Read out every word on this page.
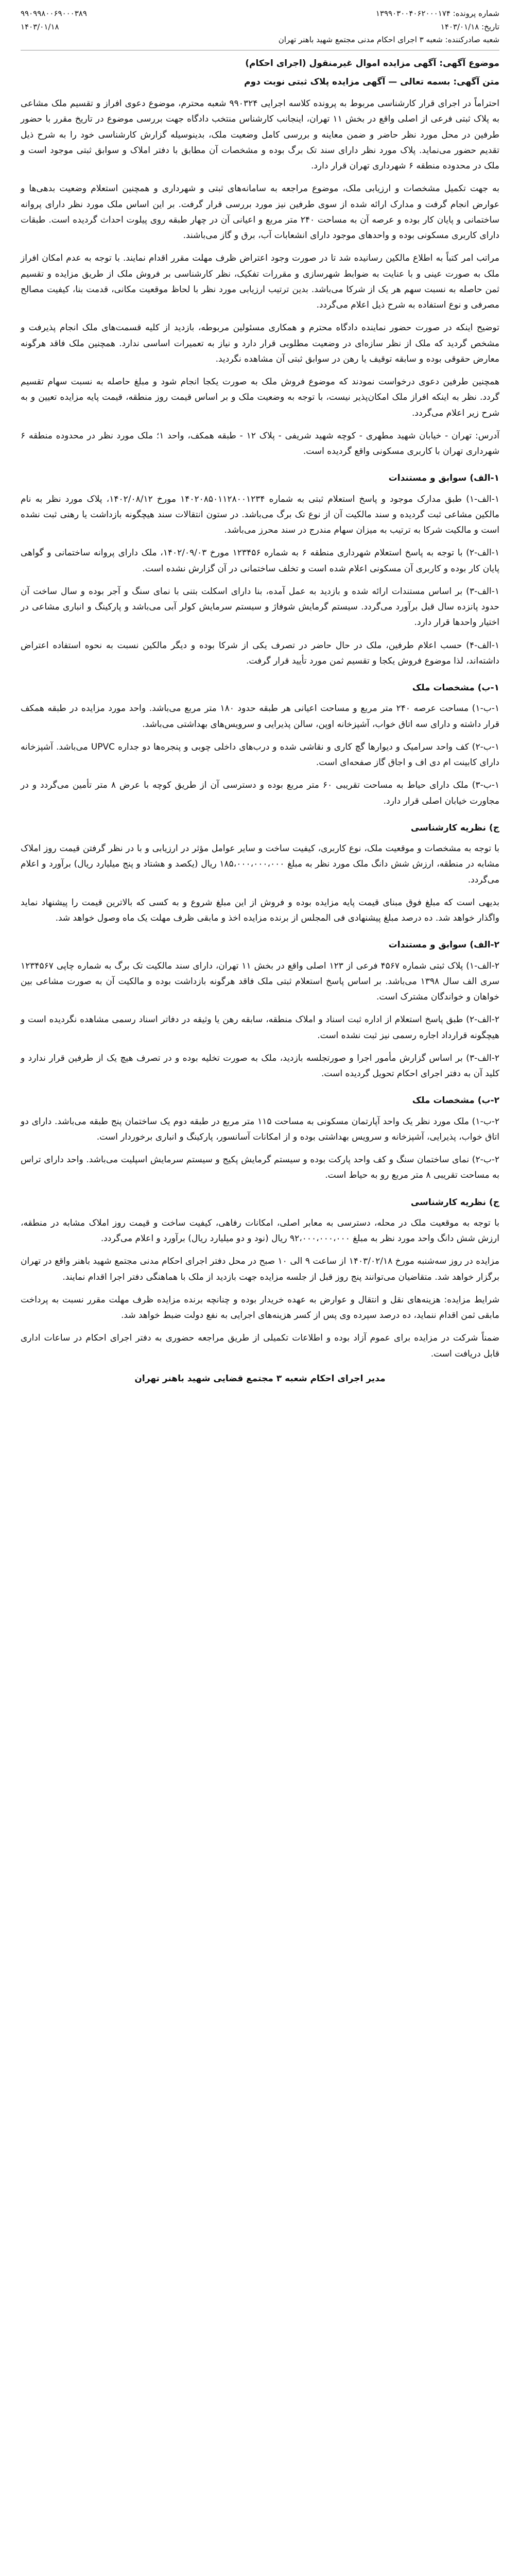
شماره پرونده: ۱۳۹۹۰۳۰۰۴۰۶۲۰۰۰۱۷۴
تاریخ: ۱۴۰۳/۰۱/۱۸
شعبه صادرکننده: شعبه ۳ اجرای احکام مدنی مجتمع شهید باهنر تهران
۹۹۰۹۹۸۰۰۶۹۰۰۰۳۸۹
۱۴۰۳/۰۱/۱۸
موضوع آگهی: آگهی مزایده اموال غیرمنقول (اجرای احکام)
متن آگهی: بسمه تعالی — آگهی مزایده پلاک ثبتی نوبت دوم

احتراماً در اجرای قرار کارشناسی مربوط به پرونده کلاسه اجرایی ۹۹۰۳۲۴ شعبه محترم، موضوع دعوی افراز و تقسیم ملک مشاعی به پلاک ثبتی فرعی از اصلی واقع در بخش ۱۱ تهران، اینجانب کارشناس منتخب دادگاه جهت بررسی موضوع در تاریخ مقرر با حضور طرفین در محل مورد نظر حاضر و ضمن معاینه و بررسی کامل وضعیت ملک، بدینوسیله گزارش کارشناسی خود را به شرح ذیل تقدیم حضور می‌نماید. پلاک مورد نظر دارای سند تک برگ بوده و مشخصات آن مطابق با دفتر املاک و سوابق ثبتی موجود است و ملک در محدوده منطقه ۶ شهرداری تهران قرار دارد.

به جهت تکمیل مشخصات و ارزیابی ملک، موضوع مراجعه به سامانه‌های ثبتی و شهرداری و همچنین استعلام وضعیت بدهی‌ها و عوارض انجام گرفت و مدارک ارائه شده از سوی طرفین نیز مورد بررسی قرار گرفت. بر این اساس ملک مورد نظر دارای پروانه ساختمانی و پایان کار بوده و عرصه آن به مساحت ۲۴۰ متر مربع و اعیانی آن در چهار طبقه روی پیلوت احداث گردیده است. طبقات دارای کاربری مسکونی بوده و واحدهای موجود دارای انشعابات آب، برق و گاز می‌باشند.

مراتب امر کتباً به اطلاع مالکین رسانیده شد تا در صورت وجود اعتراض ظرف مهلت مقرر اقدام نمایند. با توجه به عدم امکان افراز ملک به صورت عینی و با عنایت به ضوابط شهرسازی و مقررات تفکیک، نظر کارشناسی بر فروش ملک از طریق مزایده و تقسیم ثمن حاصله به نسبت سهم هر یک از شرکا می‌باشد. بدین ترتیب ارزیابی مورد نظر با لحاظ موقعیت مکانی، قدمت بنا، کیفیت مصالح مصرفی و نوع استفاده به شرح ذیل اعلام می‌گردد.

توضیح اینکه در صورت حضور نماینده دادگاه محترم و همکاری مسئولین مربوطه، بازدید از کلیه قسمت‌های ملک انجام پذیرفت و مشخص گردید که ملک از نظر سازه‌ای در وضعیت مطلوبی قرار دارد و نیاز به تعمیرات اساسی ندارد. همچنین ملک فاقد هرگونه معارض حقوقی بوده و سابقه توقیف یا رهن در سوابق ثبتی آن مشاهده نگردید.

همچنین طرفین دعوی درخواست نمودند که موضوع فروش ملک به صورت یکجا انجام شود و مبلغ حاصله به نسبت سهام تقسیم گردد. نظر به اینکه افراز ملک امکان‌پذیر نیست، با توجه به وضعیت ملک و بر اساس قیمت روز منطقه، قیمت پایه مزایده تعیین و به شرح زیر اعلام می‌گردد.

آدرس: تهران - خیابان شهید مطهری - کوچه شهید شریفی - پلاک ۱۲ - طبقه همکف، واحد ۱؛ ملک مورد نظر در محدوده منطقه ۶ شهرداری تهران با کاربری مسکونی واقع گردیده است.

۱-الف) سوابق و مستندات

۱-الف-۱) طبق مدارک موجود و پاسخ استعلام ثبتی به شماره ۱۴۰۲۰۸۵۰۱۱۲۸۰۰۱۲۳۴ مورخ ۱۴۰۲/۰۸/۱۲، پلاک مورد نظر به نام مالکین مشاعی ثبت گردیده و سند مالکیت آن از نوع تک برگ می‌باشد. در ستون انتقالات سند هیچگونه بازداشت یا رهنی ثبت نشده است و مالکیت شرکا به ترتیب به میزان سهام مندرج در سند محرز می‌باشد.

۱-الف-۲) با توجه به پاسخ استعلام شهرداری منطقه ۶ به شماره ۱۲۳۴۵۶ مورخ ۱۴۰۲/۰۹/۰۳، ملک دارای پروانه ساختمانی و گواهی پایان کار بوده و کاربری آن مسکونی اعلام شده است و تخلف ساختمانی در آن گزارش نشده است.

۱-الف-۳) بر اساس مستندات ارائه شده و بازدید به عمل آمده، بنا دارای اسکلت بتنی با نمای سنگ و آجر بوده و سال ساخت آن حدود پانزده سال قبل برآورد می‌گردد. سیستم گرمایش شوفاژ و سیستم سرمایش کولر آبی می‌باشد و پارکینگ و انباری مشاعی در اختیار واحدها قرار دارد.

۱-الف-۴) حسب اعلام طرفین، ملک در حال حاضر در تصرف یکی از شرکا بوده و دیگر مالکین نسبت به نحوه استفاده اعتراض داشته‌اند، لذا موضوع فروش یکجا و تقسیم ثمن مورد تأیید قرار گرفت.

۱-ب) مشخصات ملک

۱-ب-۱) مساحت عرصه ۲۴۰ متر مربع و مساحت اعیانی هر طبقه حدود ۱۸۰ متر مربع می‌باشد. واحد مورد مزایده در طبقه همکف قرار داشته و دارای سه اتاق خواب، آشپزخانه اوپن، سالن پذیرایی و سرویس‌های بهداشتی می‌باشد.

۱-ب-۲) کف واحد سرامیک و دیوارها گچ کاری و نقاشی شده و درب‌های داخلی چوبی و پنجره‌ها دو جداره UPVC می‌باشد. آشپزخانه دارای کابینت ام دی اف و اجاق گاز صفحه‌ای است.

۱-ب-۳) ملک دارای حیاط به مساحت تقریبی ۶۰ متر مربع بوده و دسترسی آن از طریق کوچه با عرض ۸ متر تأمین می‌گردد و در مجاورت خیابان اصلی قرار دارد.

ج) نظریه کارشناسی

با توجه به مشخصات و موقعیت ملک، نوع کاربری، کیفیت ساخت و سایر عوامل مؤثر در ارزیابی و با در نظر گرفتن قیمت روز املاک مشابه در منطقه، ارزش شش دانگ ملک مورد نظر به مبلغ ۱۸۵،۰۰۰،۰۰۰،۰۰۰ ریال (یکصد و هشتاد و پنج میلیارد ریال) برآورد و اعلام می‌گردد.

بدیهی است که مبلغ فوق مبنای قیمت پایه مزایده بوده و فروش از این مبلغ شروع و به کسی که بالاترین قیمت را پیشنهاد نماید واگذار خواهد شد. ده درصد مبلغ پیشنهادی فی المجلس از برنده مزایده اخذ و مابقی ظرف مهلت یک ماه وصول خواهد شد.

۲-الف) سوابق و مستندات

۲-الف-۱) پلاک ثبتی شماره ۴۵۶۷ فرعی از ۱۲۳ اصلی واقع در بخش ۱۱ تهران، دارای سند مالکیت تک برگ به شماره چاپی ۱۲۳۴۵۶۷ سری الف سال ۱۳۹۸ می‌باشد. بر اساس پاسخ استعلام ثبتی ملک فاقد هرگونه بازداشت بوده و مالکیت آن به صورت مشاعی بین خواهان و خواندگان مشترک است.

۲-الف-۲) طبق پاسخ استعلام از اداره ثبت اسناد و املاک منطقه، سابقه رهن یا وثیقه در دفاتر اسناد رسمی مشاهده نگردیده است و هیچگونه قرارداد اجاره رسمی نیز ثبت نشده است.

۲-الف-۳) بر اساس گزارش مأمور اجرا و صورتجلسه بازدید، ملک به صورت تخلیه بوده و در تصرف هیچ یک از طرفین قرار ندارد و کلید آن به دفتر اجرای احکام تحویل گردیده است.

۲-ب) مشخصات ملک

۲-ب-۱) ملک مورد نظر یک واحد آپارتمان مسکونی به مساحت ۱۱۵ متر مربع در طبقه دوم یک ساختمان پنج طبقه می‌باشد. دارای دو اتاق خواب، پذیرایی، آشپزخانه و سرویس بهداشتی بوده و از امکانات آسانسور، پارکینگ و انباری برخوردار است.

۲-ب-۲) نمای ساختمان سنگ و کف واحد پارکت بوده و سیستم گرمایش پکیج و سیستم سرمایش اسپلیت می‌باشد. واحد دارای تراس به مساحت تقریبی ۸ متر مربع رو به حیاط است.

ج) نظریه کارشناسی

با توجه به موقعیت ملک در محله، دسترسی به معابر اصلی، امکانات رفاهی، کیفیت ساخت و قیمت روز املاک مشابه در منطقه، ارزش شش دانگ واحد مورد نظر به مبلغ ۹۲،۰۰۰،۰۰۰،۰۰۰ ریال (نود و دو میلیارد ریال) برآورد و اعلام می‌گردد.

مزایده در روز سه‌شنبه مورخ ۱۴۰۳/۰۲/۱۸ از ساعت ۹ الی ۱۰ صبح در محل دفتر اجرای احکام مدنی مجتمع شهید باهنر واقع در تهران برگزار خواهد شد. متقاضیان می‌توانند پنج روز قبل از جلسه مزایده جهت بازدید از ملک با هماهنگی دفتر اجرا اقدام نمایند.

شرایط مزایده: هزینه‌های نقل و انتقال و عوارض به عهده خریدار بوده و چنانچه برنده مزایده ظرف مهلت مقرر نسبت به پرداخت مابقی ثمن اقدام ننماید، ده درصد سپرده وی پس از کسر هزینه‌های اجرایی به نفع دولت ضبط خواهد شد.

ضمناً شرکت در مزایده برای عموم آزاد بوده و اطلاعات تکمیلی از طریق مراجعه حضوری به دفتر اجرای احکام در ساعات اداری قابل دریافت است.

مدیر اجرای احکام شعبه ۳ مجتمع قضایی شهید باهنر تهران
